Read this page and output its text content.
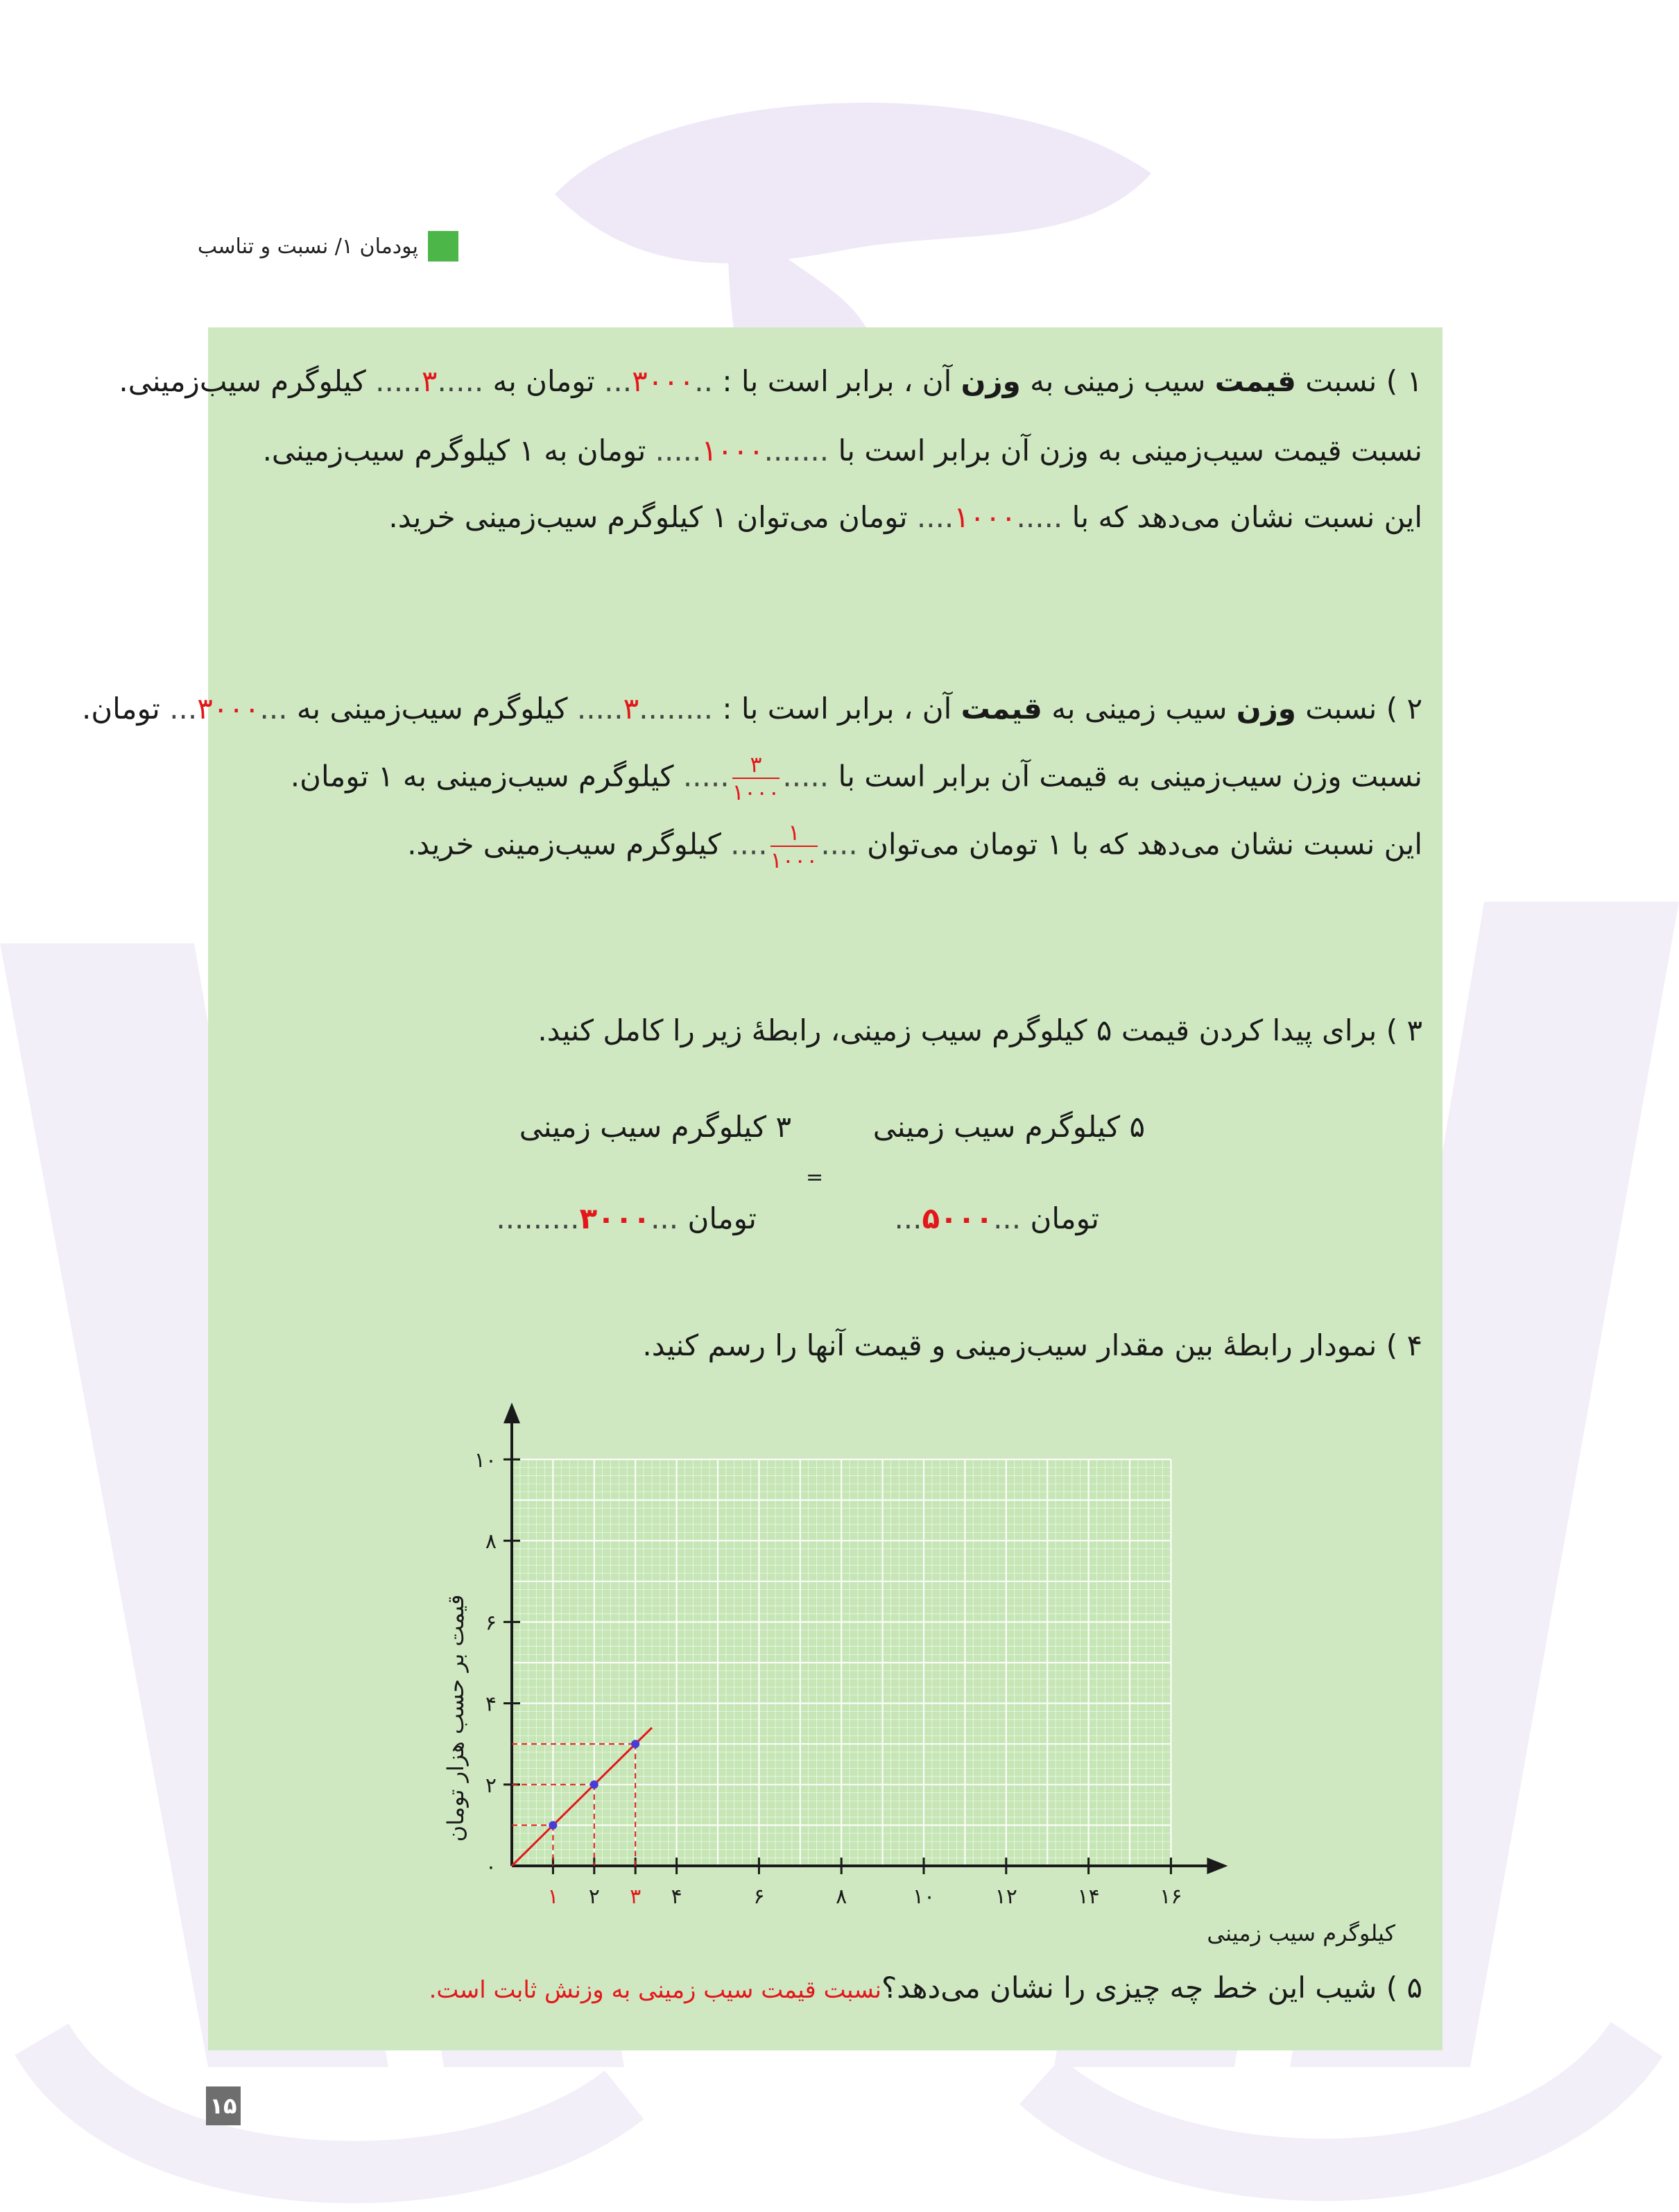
پودمان ۱/ نسبت و تناسب
۱ ) نسبت قیمت سیب زمینی به وزن آن ، برابر است با : ..۳۰۰۰... تومان به .....۳..... کیلوگرم سیب‌زمینی.
نسبت قیمت سیب‌زمینی به وزن آن برابر است با .......۱۰۰۰..... تومان به ۱ کیلوگرم سیب‌زمینی.
این نسبت نشان می‌دهد که با .....۱۰۰۰.... تومان می‌توان ۱ کیلوگرم سیب‌زمینی خرید.
۲ ) نسبت وزن سیب زمینی به قیمت آن ، برابر است با : ........۳..... کیلوگرم سیب‌زمینی به ...۳۰۰۰... تومان.
نسبت وزن سیب‌زمینی به قیمت آن برابر است با .....
$\frac{۳}{۱۰۰۰}$
..... کیلوگرم سیب‌زمینی به ۱ تومان.
این نسبت نشان می‌دهد که با ۱ تومان می‌توان ....
$\frac{۱}{۱۰۰۰}$
.... کیلوگرم سیب‌زمینی خرید.
۳ ) برای پیدا کردن قیمت ۵ کیلوگرم سیب زمینی، رابطهٔ زیر را کامل کنید.
۵ کیلوگرم سیب زمینی
۳ کیلوگرم سیب زمینی
=
تومان ...۵۰۰۰...
تومان ...۳۰۰۰.........
۴ ) نمودار رابطهٔ بین مقدار سیب‌زمینی و قیمت آنها را رسم کنید.
۱ ۲ ۳ ۴	۶	۸	۱۰	۱۲	۱۴	۱۶
۰
۲
۴
۶
۸
۱۰
کیلوگرم سیب زمینی
قیمت بر حسب هزار تومان
۵ ) شیب این خط چه چیزی را نشان می‌دهد؟نسبت قیمت سیب زمینی به وزنش ثابت است.
۱۵
